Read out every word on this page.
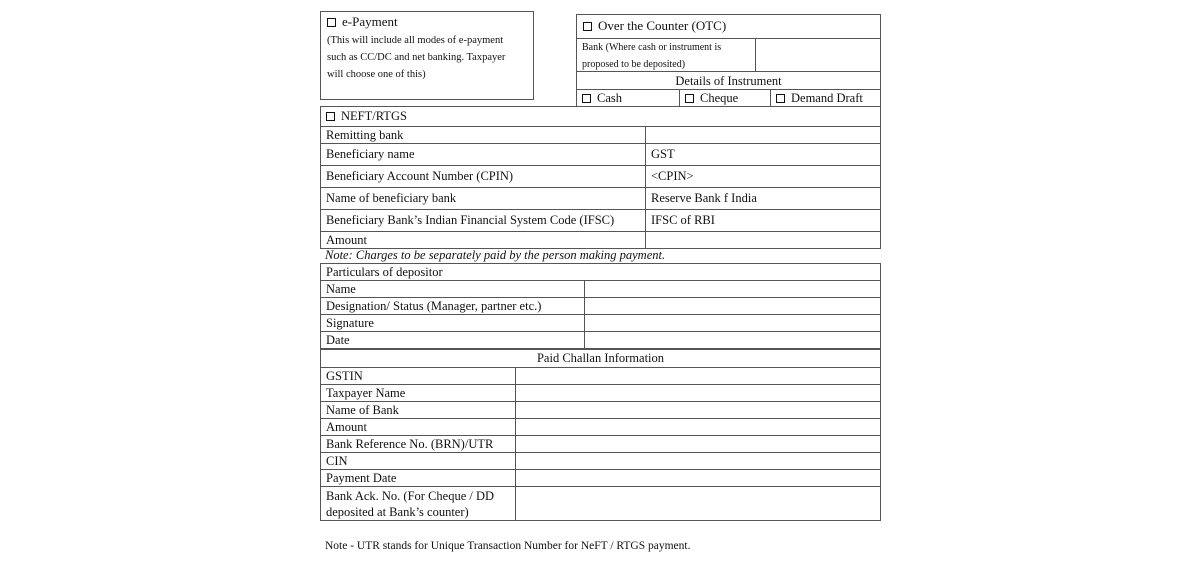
e-Payment
(This will include all modes of e-payment
such as CC/DC and net banking. Taxpayer
will choose one of this)
Over the Counter (OTC)
Bank (Where cash or instrument is
proposed to be deposited)
Details of Instrument
Cash	Cheque	Demand Draft
NEFT/RTGS	
Remitting bank	
Beneficiary name	GST
Beneficiary Account Number (CPIN)	<CPIN>
Name of beneficiary bank	Reserve Bank f India
Beneficiary Bank’s Indian Financial System Code (IFSC)	IFSC of RBI
Amount	
Note: Charges to be separately paid by the person making payment.
Particulars of depositor	
Name	
Designation/ Status (Manager, partner etc.)	
Signature	
Date	
Paid Challan Information	
GSTIN	
Taxpayer Name	
Name of Bank	
Amount	
Bank Reference No. (BRN)/UTR	
CIN	
Payment Date	

Bank Ack. No. (For Cheque / DD
deposited at Bank’s counter)	

Note - UTR stands for Unique Transaction Number for NeFT / RTGS payment.
